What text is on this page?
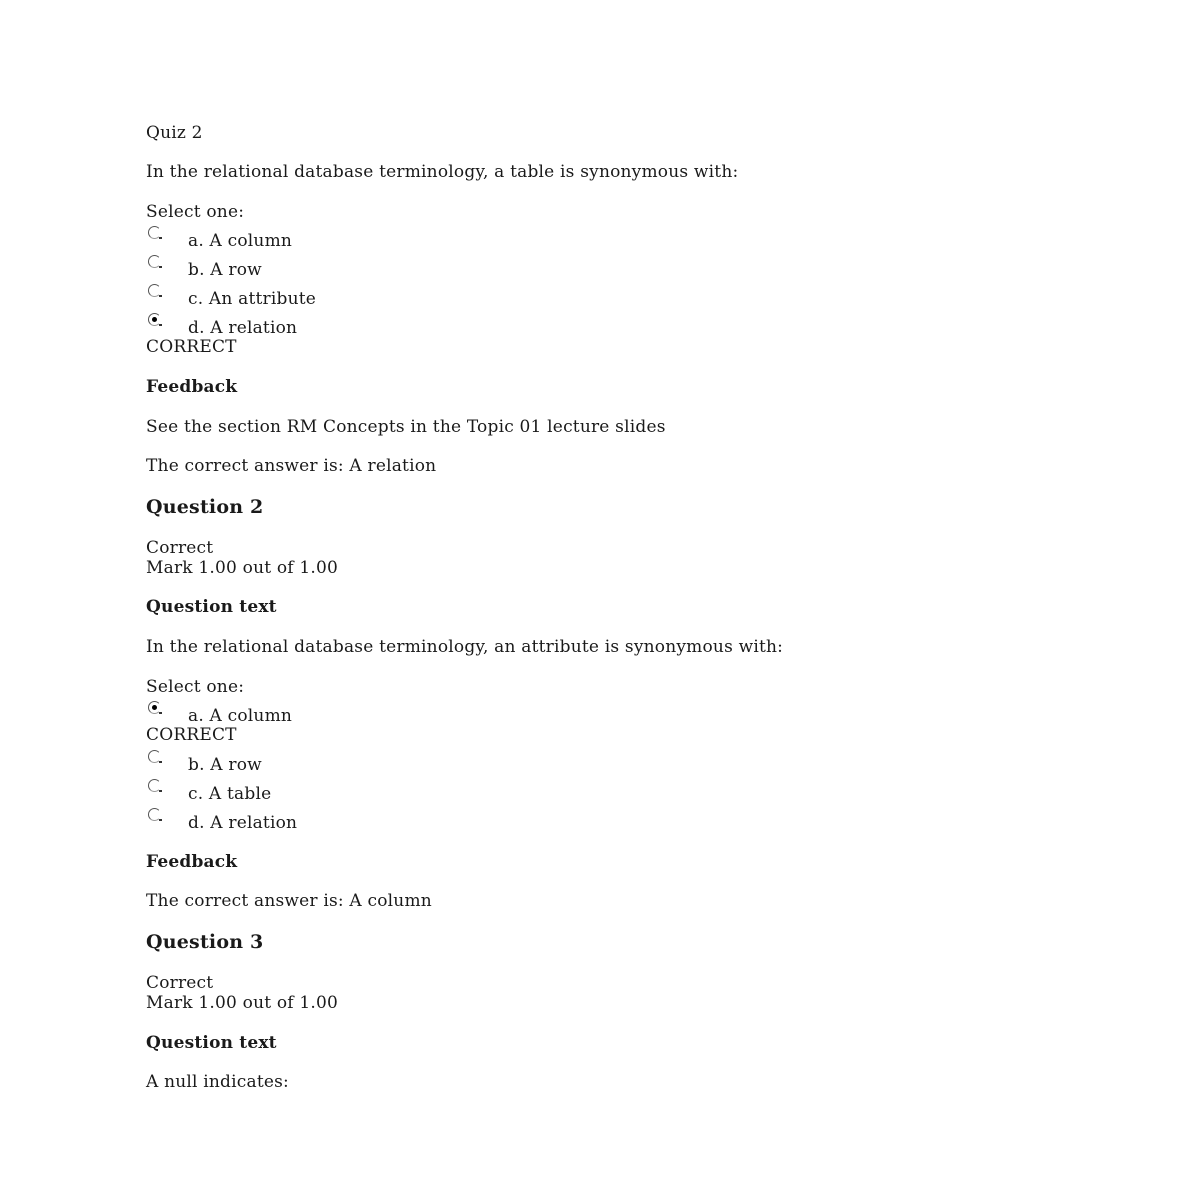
Quiz 2
In the relational database terminology, a table is synonymous with:
Select one:
a. A column
b. A row
c. An attribute
d. A relation
CORRECT
Feedback
See the section RM Concepts in the Topic 01 lecture slides
The correct answer is: A relation
Question 2
Correct
Mark 1.00 out of 1.00
Question text
In the relational database terminology, an attribute is synonymous with:
Select one:
a. A column
CORRECT
b. A row
c. A table
d. A relation
Feedback
The correct answer is: A column
Question 3
Correct
Mark 1.00 out of 1.00
Question text
A null indicates:
